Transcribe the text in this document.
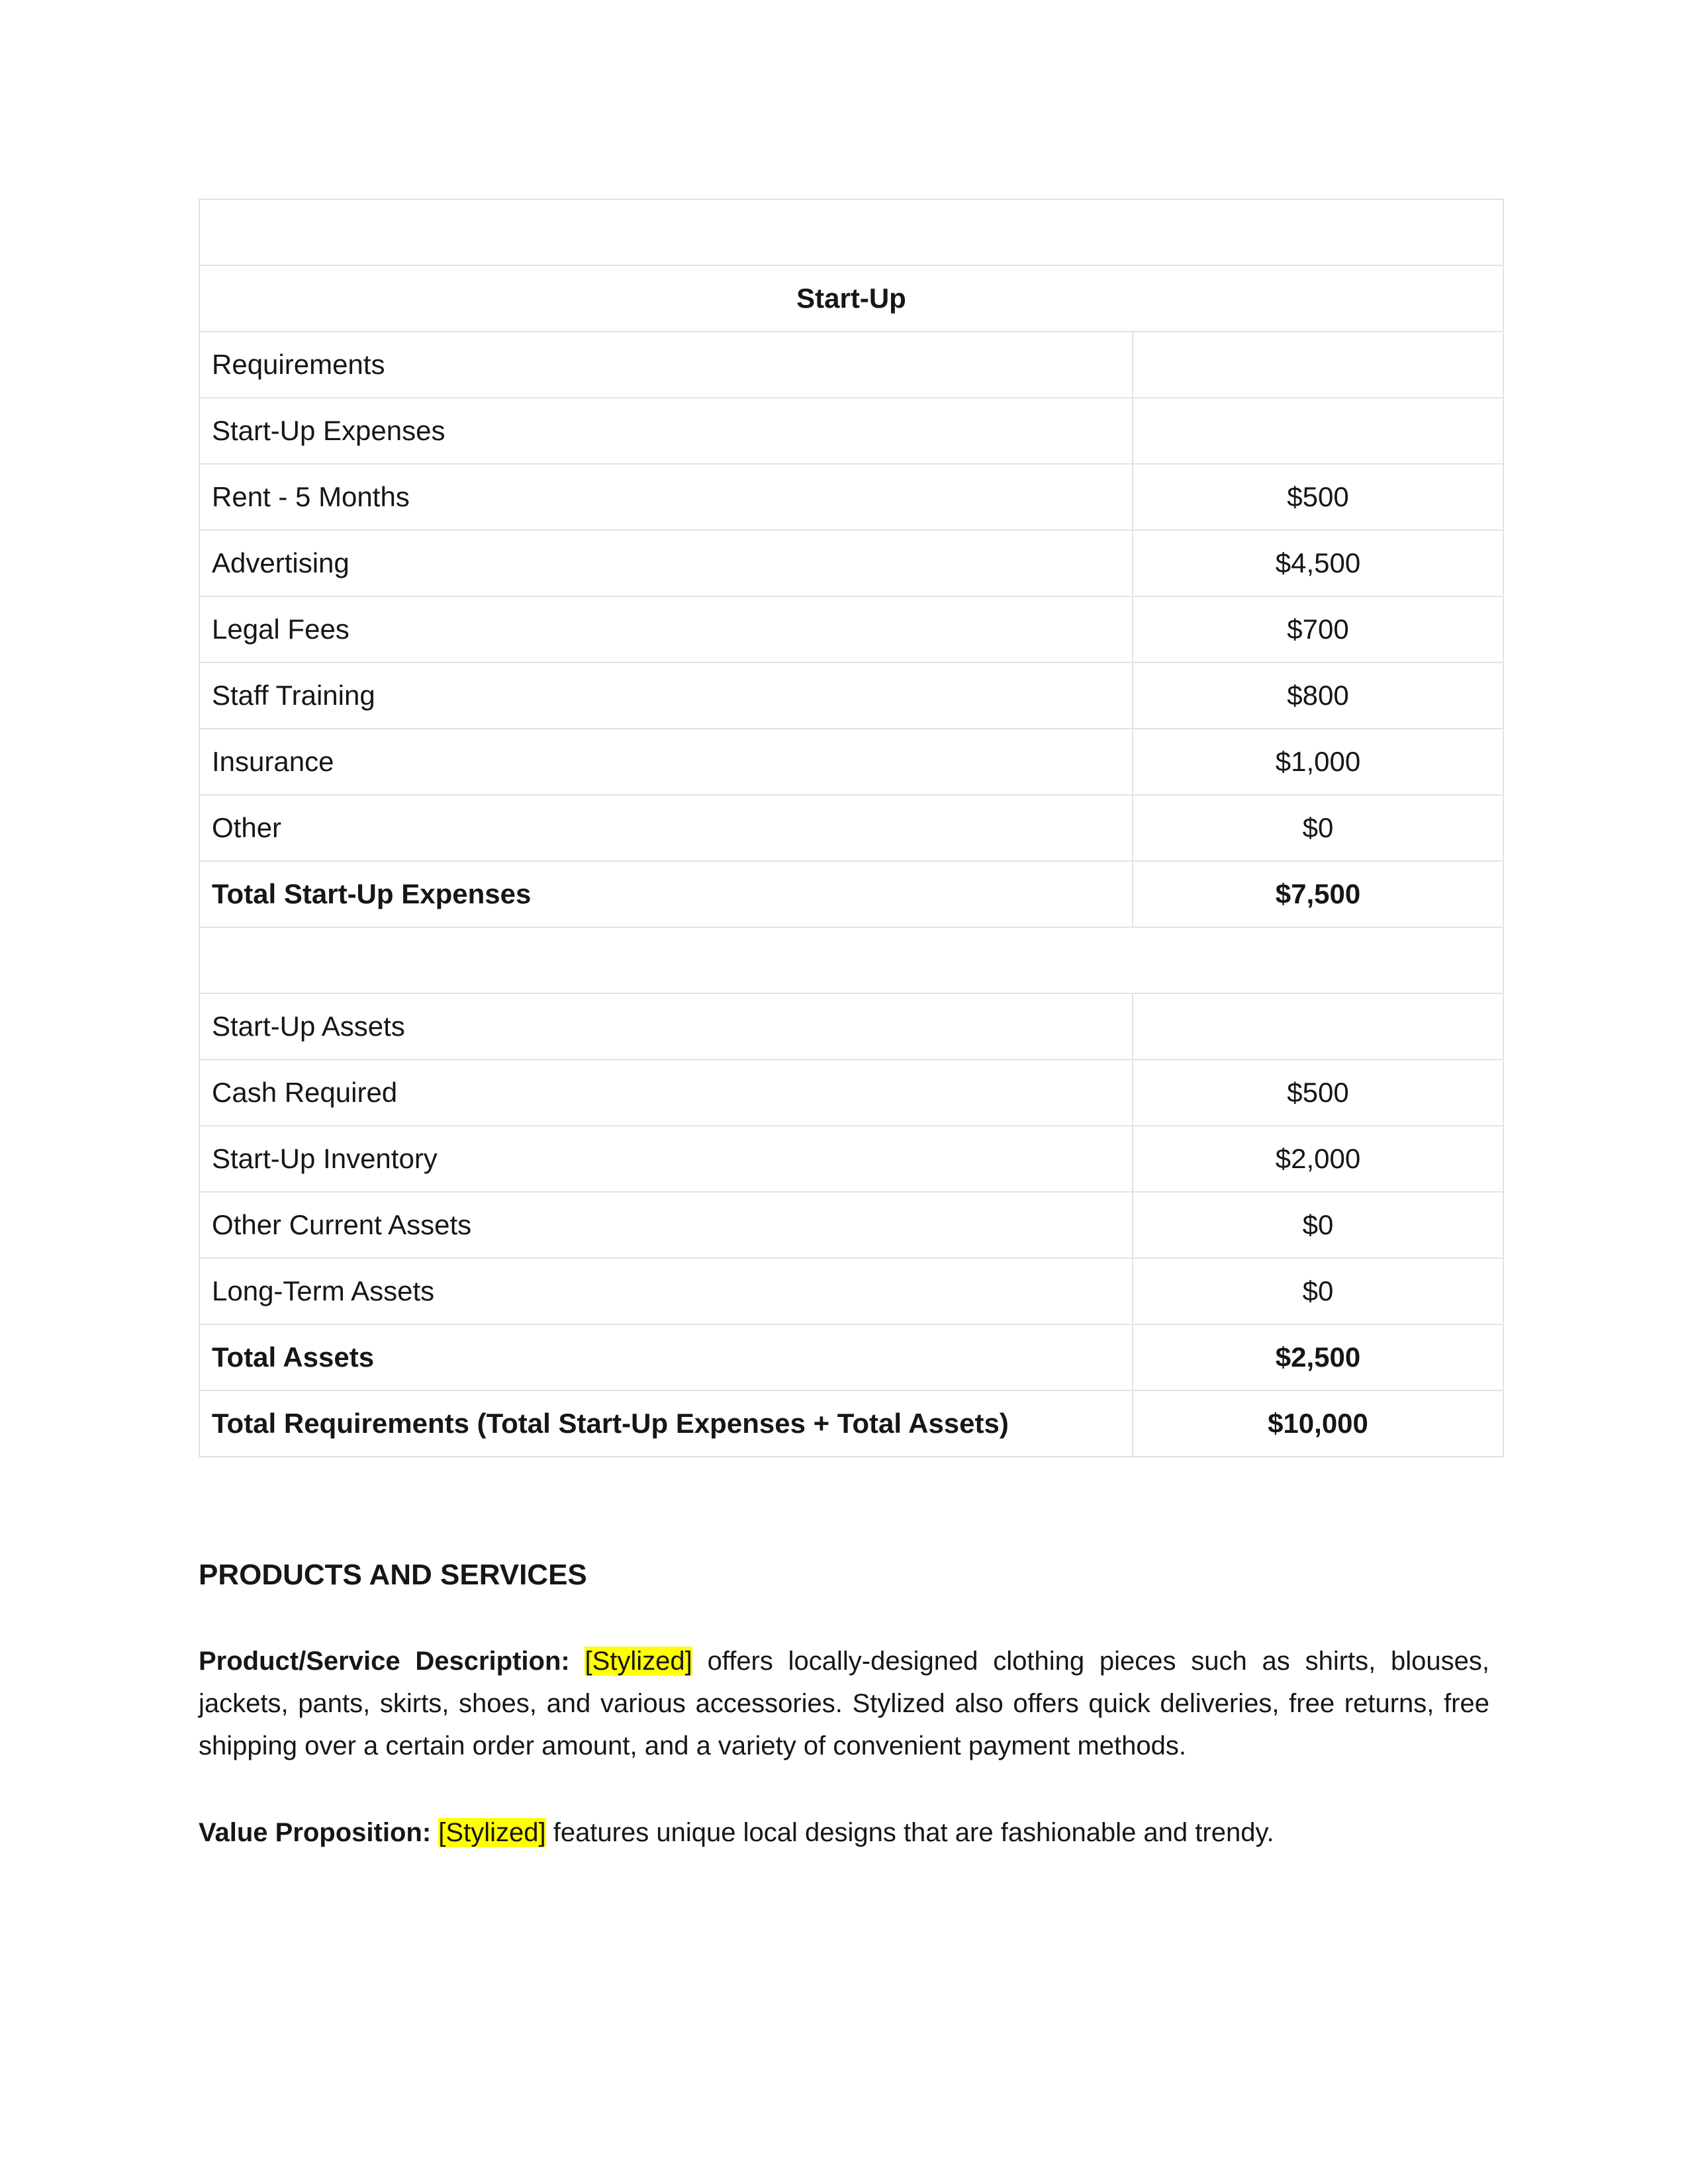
Start-Up	
Requirements	
Start-Up Expenses	
Rent - 5 Months	$500
Advertising	$4,500
Legal Fees	$700
Staff Training	$800
Insurance	$1,000
Other	$0
Total Start-Up Expenses	$7,500

Start-Up Assets	
Cash Required	$500
Start-Up Inventory	$2,000
Other Current Assets	$0
Long-Term Assets	$0
Total Assets	$2,500
Total Requirements (Total Start-Up Expenses + Total Assets)	$10,000
PRODUCTS AND SERVICES

Product/Service Description: [Stylized] offers locally-designed clothing pieces such as shirts, blouses, jackets, pants, skirts, shoes, and various accessories. Stylized also offers quick deliveries, free returns, free shipping over a certain order amount, and a variety of convenient payment methods.

Value Proposition: [Stylized] features unique local designs that are fashionable and trendy.
